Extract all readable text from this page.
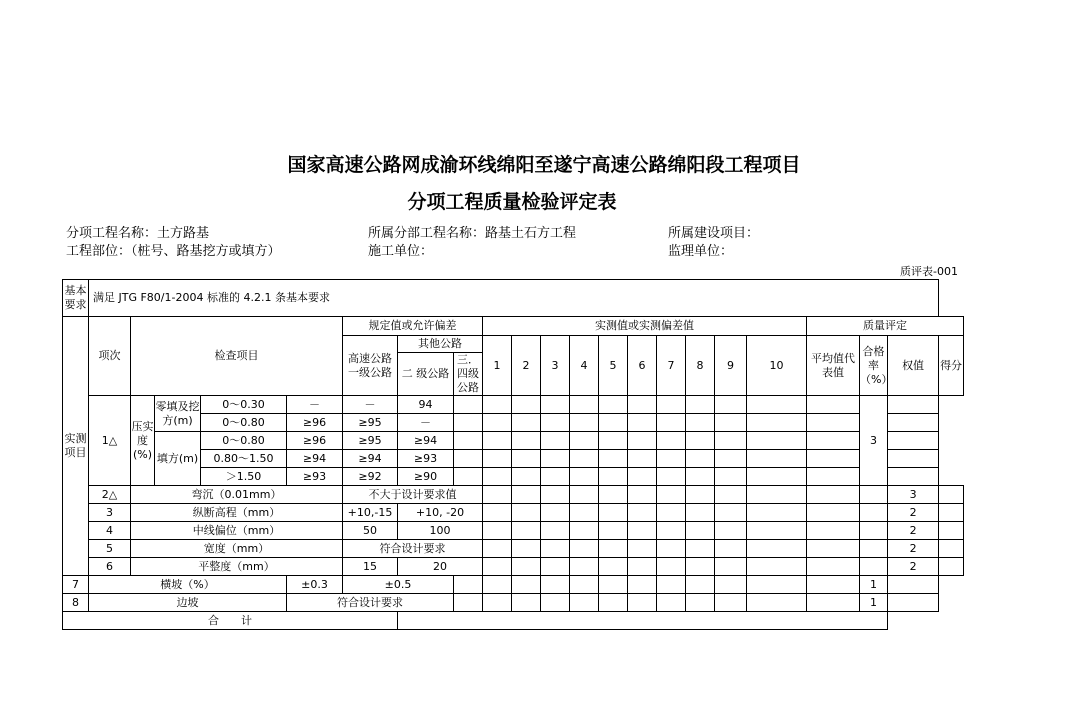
国家高速公路网成渝环线绵阳至遂宁高速公路绵阳段工程项目
分项工程质量检验评定表
分项工程名称：土方路基	所属分部工程名称：路基土石方工程	所属建设项目：
工程部位：（桩号、路基挖方或填方）	施工单位：	监理单位：
质评表-001
基本要求	满足 JTG F80/1-2004 标准的 4.2.1 条基本要求																					
实测项目	项次	检查项目				规定值或允许偏差			实测值或实测偏差值										质量评定			
						高速公路一级公路	其他公路		1	2	3	4	5	6	7	8	9	10	平均值代表值	合格率（%）	权值	得分
							二 级公路	三．四级公路														
	1△	压实度(%)	零填及挖方(m)	0～0.30	－	－	94													3		
				0～0.80	≥96	≥95	－															
			填方(m)	0～0.80	≥96	≥95	≥94															
				0.80～1.50	≥94	≥94	≥93															
				＞1.50	≥93	≥92	≥90															
	2△	弯沉（0.01mm）				不大于设计要求值															3	
	3	纵断高程（mm）				+10,-15	+10, -20														2	
	4	中线偏位（mm）				50	100														2	
	5	宽度（mm）				符合设计要求															2	
	6	平整度（mm）				15	20														2	
7	横坡（%）				±0.3	±0.5														1		
8	边坡				符合设计要求															1		
合　　计																						
